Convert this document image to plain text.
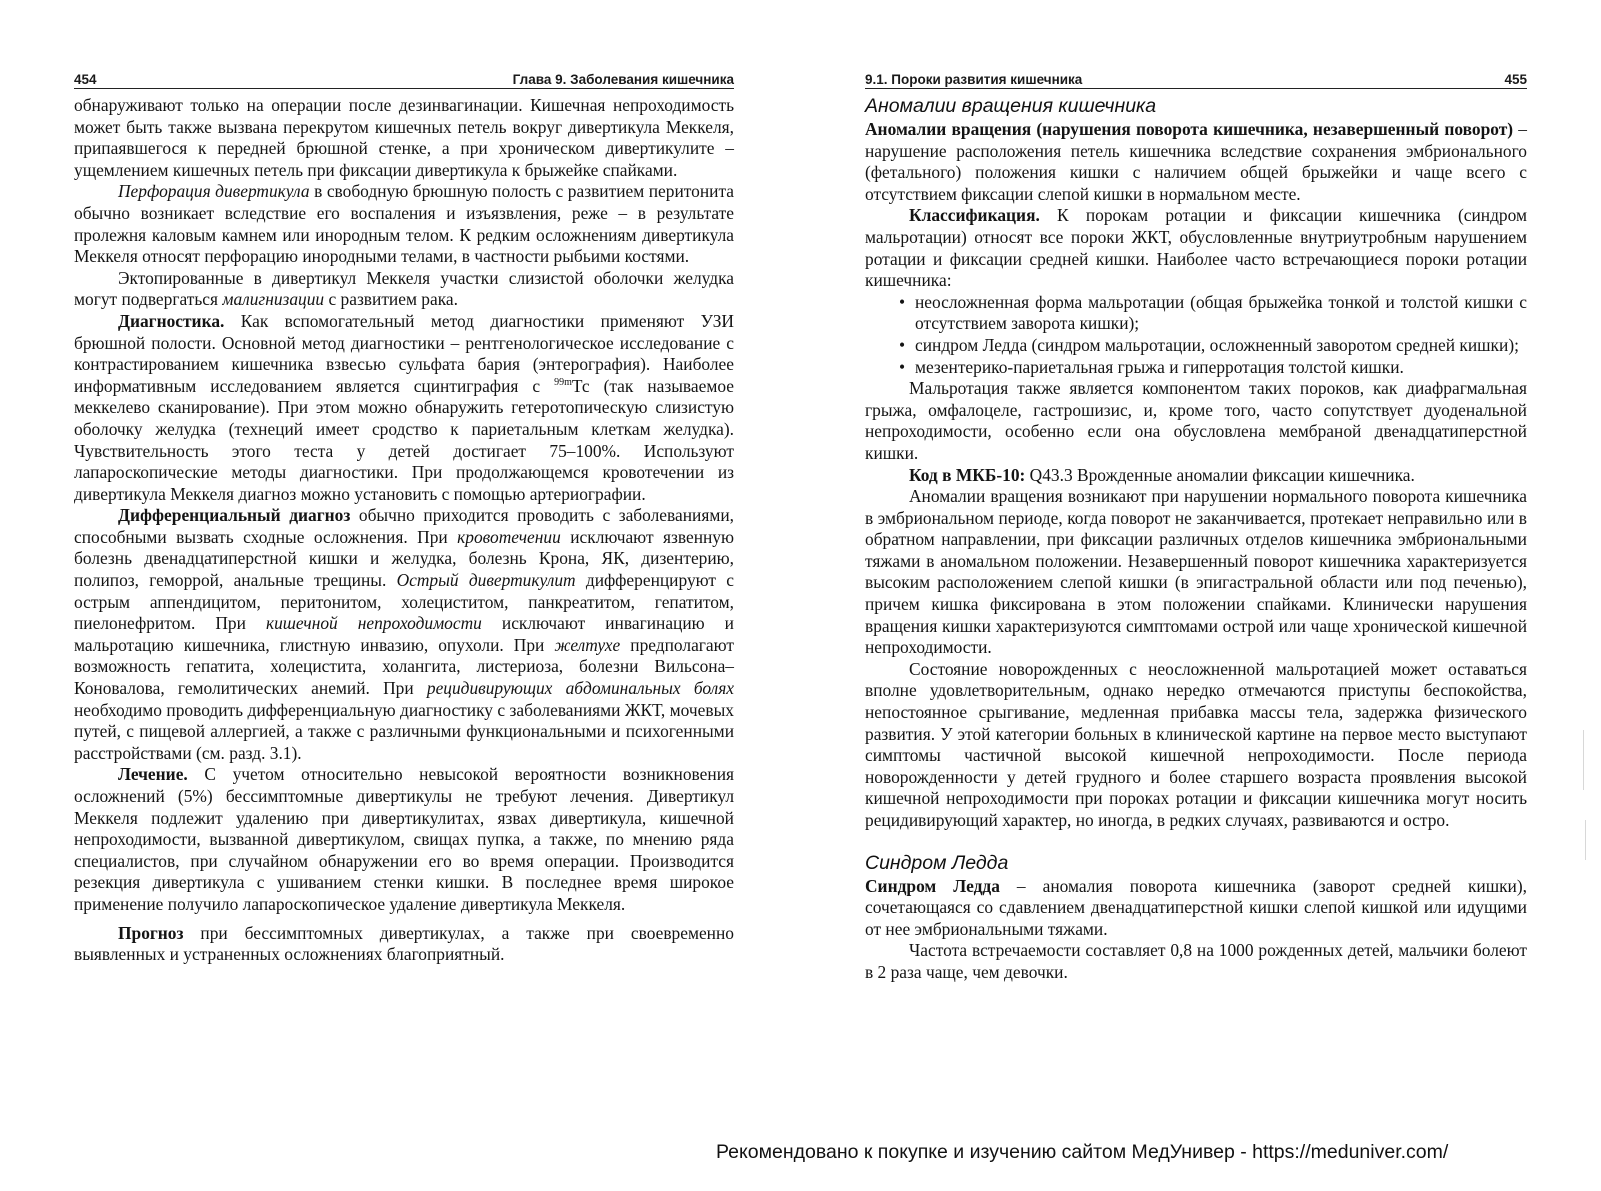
454	Глава 9. Заболевания кишечника

обнаруживают только на операции после дезинвагинации. Кишечная непроходимость может быть также вызвана перекрутом кишечных петель вокруг дивертикула Меккеля, припаявшегося к передней брюшной стенке, а при хроническом дивертикулите – ущемлением кишечных петель при фиксации дивертикула к брыжейке спайками.

Перфорация дивертикула в свободную брюшную полость с развитием перитонита обычно возникает вследствие его воспаления и изъязвления, реже – в результате пролежня каловым камнем или инородным телом. К редким осложнениям дивертикула Меккеля относят перфорацию инородными телами, в частности рыбьими костями.

Эктопированные в дивертикул Меккеля участки слизистой оболочки желудка могут подвергаться малигнизации с развитием рака.

Диагностика. Как вспомогательный метод диагностики применяют УЗИ брюшной полости. Основной метод диагностики – рентгенологическое исследование с контрастированием кишечника взвесью сульфата бария (энтерография). Наиболее информативным исследованием является сцинтиграфия с $^{99m}$Тс (так называемое меккелево сканирование). При этом можно обнаружить гетеротопическую слизистую оболочку желудка (технеций имеет сродство к париетальным клеткам желудка). Чувствительность этого теста у детей достигает 75–100%. Используют лапароскопические методы диагностики. При продолжающемся кровотечении из дивертикула Меккеля диагноз можно установить с помощью артериографии.

Дифференциальный диагноз обычно приходится проводить с заболеваниями, способными вызвать сходные осложнения. При кровотечении исключают язвенную болезнь двенадцатиперстной кишки и желудка, болезнь Крона, ЯК, дизентерию, полипоз, геморрой, анальные трещины. Острый дивертикулит дифференцируют с острым аппендицитом, перитонитом, холециститом, панкреатитом, гепатитом, пиелонефритом. При кишечной непроходимости исключают инвагинацию и мальротацию кишечника, глистную инвазию, опухоли. При желтухе предполагают возможность гепатита, холецистита, холангита, листериоза, болезни Вильсона–Коновалова, гемолитических анемий. При рецидивирующих абдоминальных болях необходимо проводить дифференциальную диагностику с заболеваниями ЖКТ, мочевых путей, с пищевой аллергией, а также с различными функциональными и психогенными расстройствами (см. разд. 3.1).

Лечение. С учетом относительно невысокой вероятности возникновения осложнений (5%) бессимптомные дивертикулы не требуют лечения. Дивертикул Меккеля подлежит удалению при дивертикулитах, язвах дивертикула, кишечной непроходимости, вызванной дивертикулом, свищах пупка, а также, по мнению ряда специалистов, при случайном обнаружении его во время операции. Производится резекция дивертикула с ушиванием стенки кишки. В последнее время широкое применение получило лапароскопическое удаление дивертикула Меккеля.

Прогноз при бессимптомных дивертикулах, а также при своевременно выявленных и устраненных осложнениях благоприятный.

9.1. Пороки развития кишечника	455
Аномалии вращения кишечника

Аномалии вращения (нарушения поворота кишечника, незавершенный поворот) – нарушение расположения петель кишечника вследствие сохранения эмбрионального (фетального) положения кишки с наличием общей брыжейки и чаще всего с отсутствием фиксации слепой кишки в нормальном месте.

Классификация. К порокам ротации и фиксации кишечника (синдром мальротации) относят все пороки ЖКТ, обусловленные внутриутробным нарушением ротации и фиксации средней кишки. Наиболее часто встречающиеся пороки ротации кишечника:

• неосложненная форма мальротации (общая брыжейка тонкой и толстой кишки с отсутствием заворота кишки);
• синдром Ледда (синдром мальротации, осложненный заворотом средней кишки);
• мезентерико-париетальная грыжа и гиперротация толстой кишки.

Мальротация также является компонентом таких пороков, как диафрагмальная грыжа, омфалоцеле, гастрошизис, и, кроме того, часто сопутствует дуоденальной непроходимости, особенно если она обусловлена мембраной двенадцатиперстной кишки.

Код в МКБ-10: Q43.3 Врожденные аномалии фиксации кишечника.

Аномалии вращения возникают при нарушении нормального поворота кишечника в эмбриональном периоде, когда поворот не заканчивается, протекает неправильно или в обратном направлении, при фиксации различных отделов кишечника эмбриональными тяжами в аномальном положении. Незавершенный поворот кишечника характеризуется высоким расположением слепой кишки (в эпигастральной области или под печенью), причем кишка фиксирована в этом положении спайками. Клинически нарушения вращения кишки характеризуются симптомами острой или чаще хронической кишечной непроходимости.

Состояние новорожденных с неосложненной мальротацией может оставаться вполне удовлетворительным, однако нередко отмечаются приступы беспокойства, непостоянное срыгивание, медленная прибавка массы тела, задержка физического развития. У этой категории больных в клинической картине на первое место выступают симптомы частичной высокой кишечной непроходимости. После периода новорожденности у детей грудного и более старшего возраста проявления высокой кишечной непроходимости при пороках ротации и фиксации кишечника могут носить рецидивирующий характер, но иногда, в редких случаях, развиваются и остро.

Синдром Ледда

Синдром Ледда – аномалия поворота кишечника (заворот средней кишки), сочетающаяся со сдавлением двенадцатиперстной кишки слепой кишкой или идущими от нее эмбриональными тяжами.

Частота встречаемости составляет 0,8 на 1000 рожденных детей, мальчики болеют в 2 раза чаще, чем девочки.

Рекомендовано к покупке и изучению сайтом МедУнивер - https://meduniver.com/
